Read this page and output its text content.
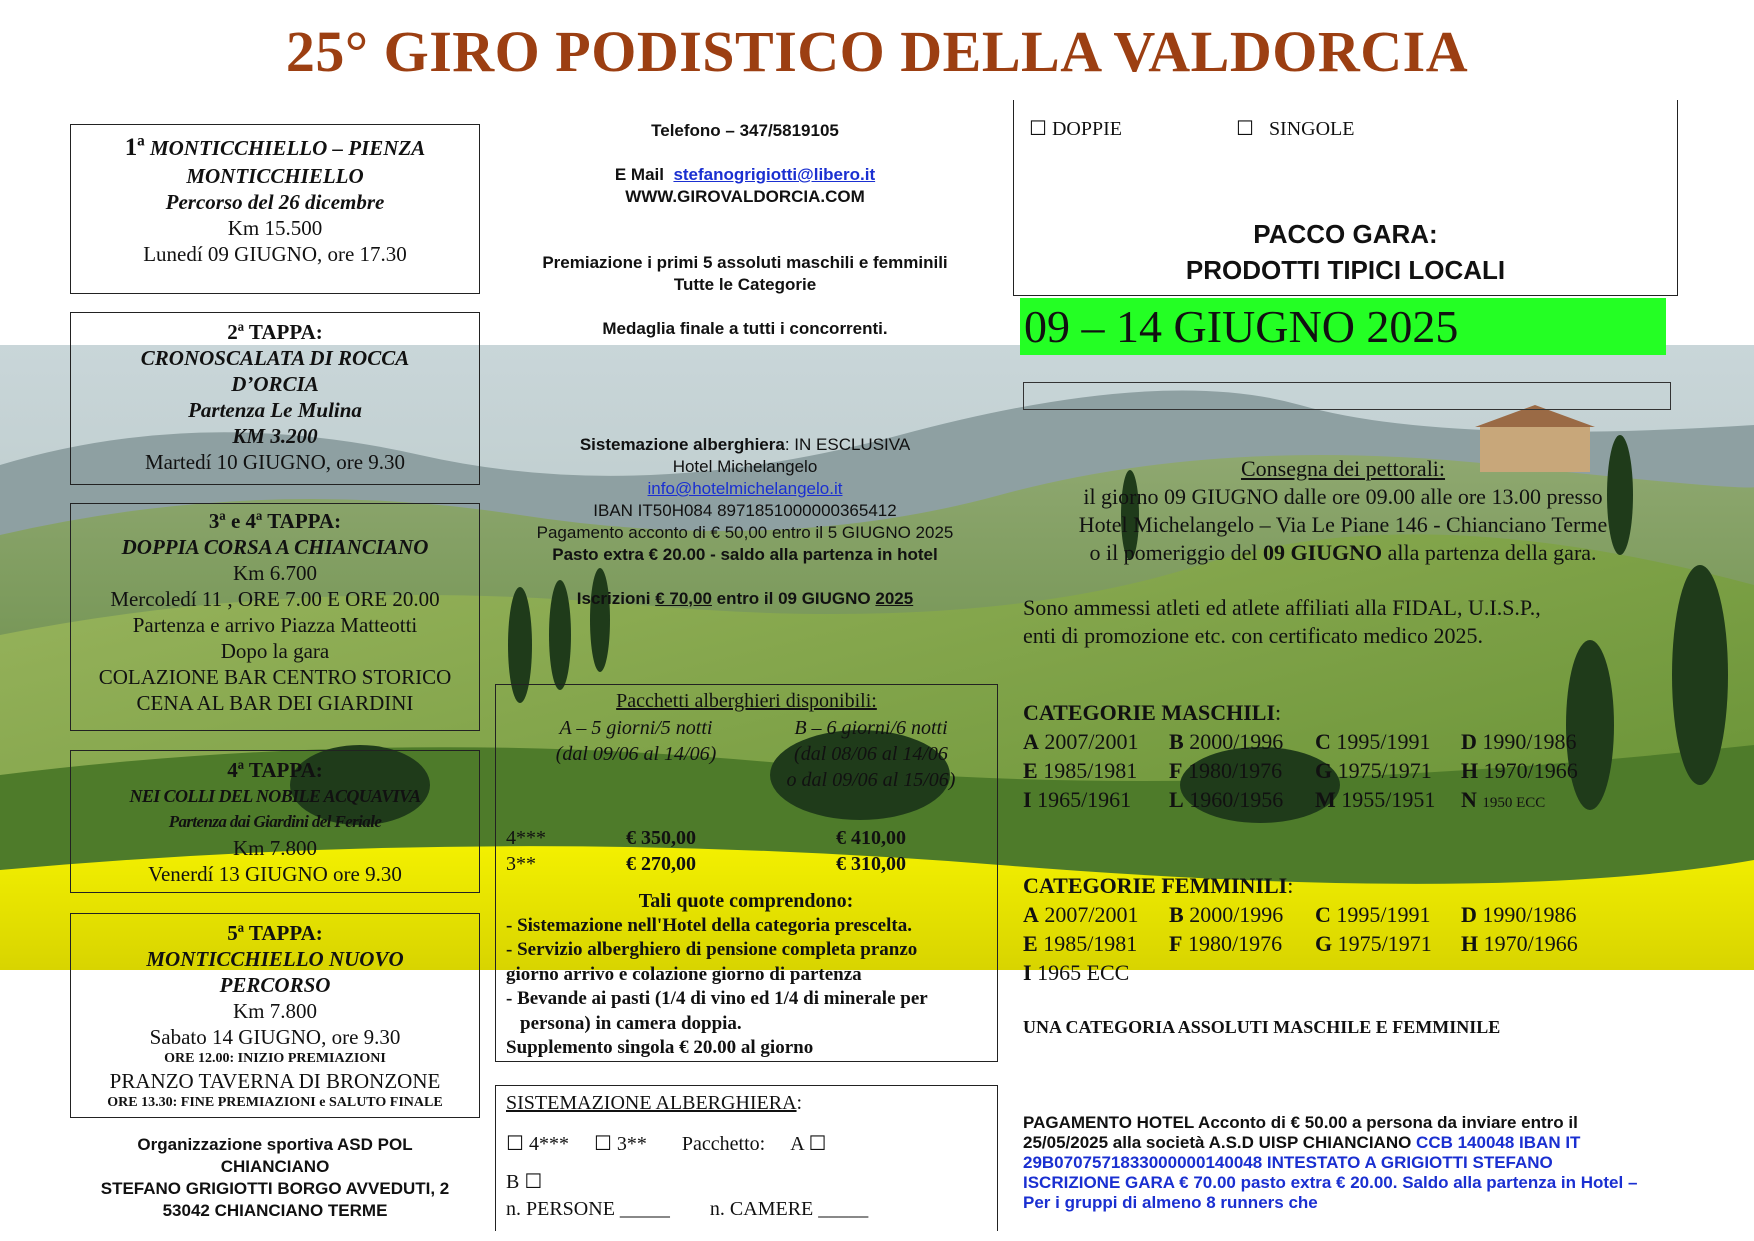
25° GIRO PODISTICO DELLA VALDORCIA

1ª MONTICCHIELLO – PIENZA

MONTICCHIELLO

Percorso del 26 dicembre

Km 15.500

Lunedí 09 GIUGNO, ore 17.30

2ª TAPPA:

CRONOSCALATA DI ROCCA

D’ORCIA

Partenza Le Mulina

KM 3.200

Martedí 10 GIUGNO, ore 9.30

3ª e 4ª TAPPA:

DOPPIA CORSA A CHIANCIANO

Km 6.700

Mercoledí 11 , ORE 7.00 E ORE 20.00

Partenza e arrivo Piazza Matteotti

Dopo la gara

COLAZIONE BAR CENTRO STORICO

CENA AL BAR DEI GIARDINI

4ª TAPPA:

NEI COLLI DEL NOBILE ACQUAVIVA

Partenza dai Giardini del Feriale

Km 7.800

Venerdí 13 GIUGNO ore 9.30

5ª TAPPA:

MONTICCHIELLO NUOVO

PERCORSO

Km 7.800

Sabato 14 GIUGNO, ore 9.30

ORE 12.00: INIZIO PREMIAZIONI

PRANZO TAVERNA DI BRONZONE

ORE 13.30: FINE PREMIAZIONI e SALUTO FINALE

Organizzazione sportiva ASD POL

CHIANCIANO

STEFANO GRIGIOTTI BORGO AVVEDUTI, 2

53042 CHIANCIANO TERME

Telefono – 347/5819105

E Mail stefanogrigiotti@libero.it

WWW.GIROVALDORCIA.COM

Premiazione i primi 5 assoluti maschili e femminili

Tutte le Categorie

Medaglia finale a tutti i concorrenti.

Sistemazione alberghiera: IN ESCLUSIVA

Hotel Michelangelo

info@hotelmichelangelo.it

IBAN IT50H084 8971851000000365412

Pagamento acconto di € 50,00 entro il 5 GIUGNO 2025

Pasto extra € 20.00 - saldo alla partenza in hotel

Iscrizioni € 70,00 entro il 09 GIUGNO 2025

Pacchetti alberghieri disponibili:
A – 5 giorni/5 notti
(dal 09/06 al 14/06)
B – 6 giorni/6 notti
(dal 08/06 al 14/06
o dal 09/06 al 15/06)
4***	€ 350,00	€ 410,00
3**	€ 270,00	€ 310,00
Tali quote comprendono:
- Sistemazione nell'Hotel della categoria prescelta.
- Servizio alberghiero di pensione completa pranzo
giorno arrivo e colazione giorno di partenza
- Bevande ai pasti (1/4 di vino ed 1/4 di minerale per
persona) in camera doppia.
Supplemento singola € 20.00 al giorno
SISTEMAZIONE ALBERGHIERA:
☐ 4*** ☐ 3** Pacchetto: A ☐
B ☐
n. PERSONE _____ n. CAMERE _____
☐ DOPPIE	☐ SINGOLE
PACCO GARA:
PRODOTTI TIPICI LOCALI
09 – 14 GIUGNO 2025
Consegna dei pettorali:
il giorno 09 GIUGNO dalle ore 09.00 alle ore 13.00 presso
Hotel Michelangelo – Via Le Piane 146 - Chianciano Terme
o il pomeriggio del 09 GIUGNO alla partenza della gara.
Sono ammessi atleti ed atlete affiliati alla FIDAL, U.I.S.P.,
enti di promozione etc. con certificato medico 2025.
CATEGORIE MASCHILI:
A 2007/2001 B 2000/1996 C 1995/1991 D 1990/1986
E 1985/1981 F 1980/1976 G 1975/1971 H 1970/1966
I 1965/1961 L 1960/1956 M 1955/1951 N 1950 ECC
CATEGORIE FEMMINILI:
A 2007/2001 B 2000/1996 C 1995/1991 D 1990/1986
E 1985/1981 F 1980/1976 G 1975/1971 H 1970/1966
I 1965 ECC
UNA CATEGORIA ASSOLUTI MASCHILE E FEMMINILE
PAGAMENTO HOTEL Acconto di € 50.00 a persona da inviare entro il 25/05/2025 alla società A.S.D UISP CHIANCIANO CCB 140048 IBAN IT 29B0707571833000000140048 INTESTATO A GRIGIOTTI STEFANO ISCRIZIONE GARA € 70.00 pasto extra € 20.00. Saldo alla partenza in Hotel – Per i gruppi di almeno 8 runners che
